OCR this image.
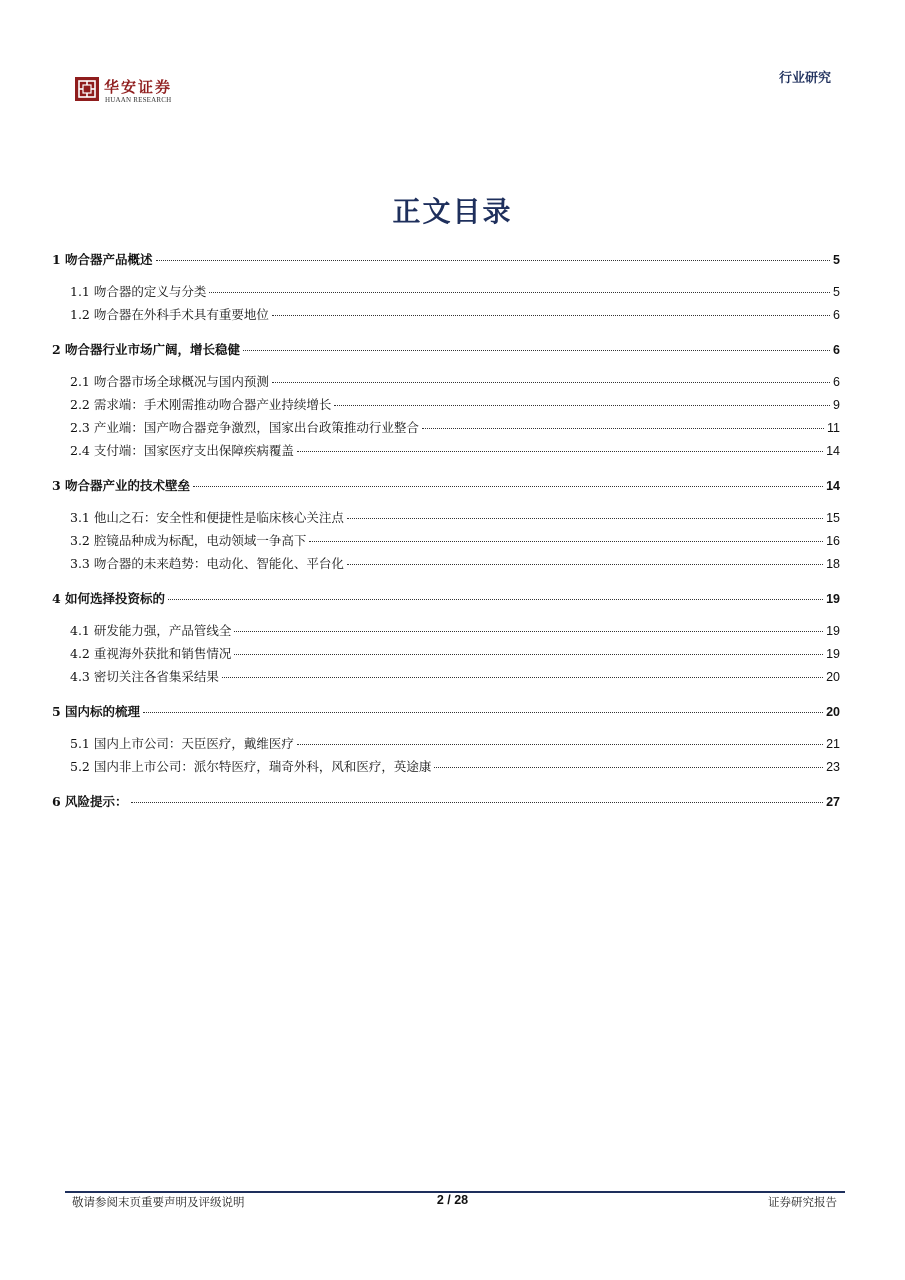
华安证券
HUAAN RESEARCH
行业研究
正文目录
1 吻合器产品概述	5
1.1 吻合器的定义与分类	5
1.2 吻合器在外科手术具有重要地位	6
2 吻合器行业市场广阔，增长稳健	6
2.1 吻合器市场全球概况与国内预测	6
2.2 需求端：手术刚需推动吻合器产业持续增长	9
2.3 产业端：国产吻合器竞争激烈，国家出台政策推动行业整合	11
2.4 支付端：国家医疗支出保障疾病覆盖	14
3 吻合器产业的技术壁垒	14
3.1 他山之石：安全性和便捷性是临床核心关注点	15
3.2 腔镜品种成为标配，电动领域一争高下	16
3.3 吻合器的未来趋势：电动化、智能化、平台化	18
4 如何选择投资标的	19
4.1 研发能力强，产品管线全	19
4.2 重视海外获批和销售情况	19
4.3 密切关注各省集采结果	20
5 国内标的梳理	20
5.1 国内上市公司：天臣医疗，戴维医疗	21
5.2 国内非上市公司：派尔特医疗，瑞奇外科，风和医疗，英途康	23
6 风险提示：	27
敬请参阅末页重要声明及评级说明	2 / 28	证券研究报告
